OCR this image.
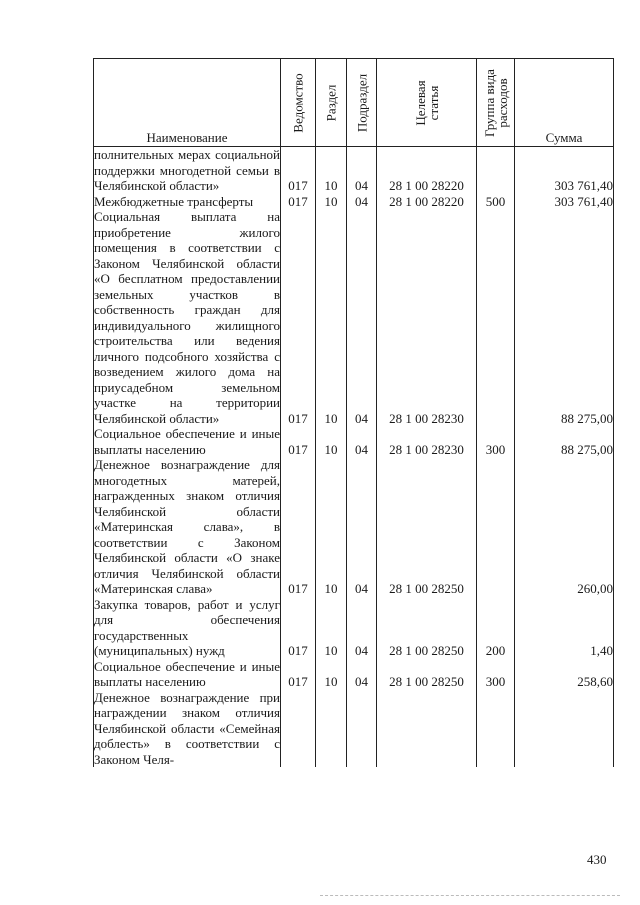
Наименование	Ведомство	Раздел	Подраздел	Целевая статья	Группа вида расходов	Сумма
полнительных мерах социальной поддержки многодетной семьи в Челябинской области»	017	10	04	28 1 00 28220		303 761,40
Межбюджетные трансферты	017	10	04	28 1 00 28220	500	303 761,40
Социальная выплата на приобретение жилого помещения в соответствии с Законом Челябинской области «О бесплатном предоставлении земельных участков в собственность граждан для индивидуального жилищного строительства или ведения личного подсобного хозяйства с возведением жилого дома на приусадебном земельном участке на территории Челябинской области»	017	10	04	28 1 00 28230		88 275,00
Социальное обеспечение и иные выплаты населению	017	10	04	28 1 00 28230	300	88 275,00
Денежное вознаграждение для многодетных матерей, награжденных знаком отличия Челябинской области «Материнская слава», в соответствии с Законом Челябинской области «О знаке отличия Челябинской области «Материнская слава»	017	10	04	28 1 00 28250		260,00
Закупка товаров, работ и услуг для обеспечения государственных (муниципальных) нужд	017	10	04	28 1 00 28250	200	1,40
Социальное обеспечение и иные выплаты населению	017	10	04	28 1 00 28250	300	258,60
Денежное вознаграждение при награждении знаком отличия Челябинской области «Семейная доблесть» в соответствии с Законом Челя-						
430
